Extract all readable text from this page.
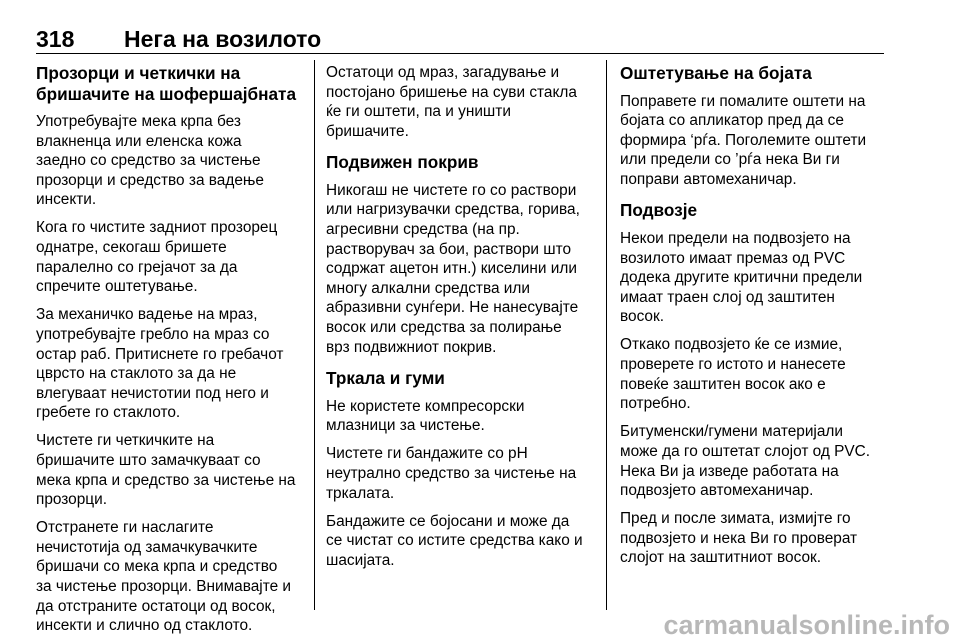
318 Нега на возилото
Прозорци и четкички на
бришачите на шофершајбната

Употребувајте мека крпа без
влакненца или еленска кожа
заедно со средство за чистење
прозорци и средство за вадење
инсекти.

Кога го чистите задниот прозорец
однатре, секогаш бришете
паралелно со грејачот за да
спречите оштетување.

За механичко вадење на мраз,
употребувајте гребло на мраз со
остар раб. Притиснете го гребачот
цврсто на стаклото за да не
влегуваат нечистотии под него и
гребете го стаклото.

Чистете ги четкичките на
бришачите што замачкуваат со
мека крпа и средство за чистење на
прозорци.

Отстранете ги наслагите
нечистотија од замачкувачките
бришачи со мека крпа и средство
за чистење прозорци. Внимавајте и
да отстраните остатоци од восок,
инсекти и слично од стаклото.

Остатоци од мраз, загадување и
постојано бришење на суви стакла
ќе ги оштети, па и уништи
бришачите.

Подвижен покрив

Никогаш не чистете го со раствори
или нагризувачки средства, горива,
агресивни средства (на пр.
растворувач за бои, раствори што
содржат ацетон итн.) киселини или
многу алкални средства или
абразивни сунѓери. Не нанесувајте
восок или средства за полирање
врз подвижниот покрив.

Тркала и гуми

Не користете компресорски
млазници за чистење.

Чистете ги бандажите со pH
неутрално средство за чистење на
тркалата.

Бандажите се бојосани и може да
се чистат со истите средства како и
шасијата.

Оштетување на бојата

Поправете ги помалите оштети на
бојата со апликатор пред да се
формира ‘рѓа. Поголемите оштети
или предели со ’рѓа нека Ви ги
поправи автомеханичар.

Подвозје

Некои предели на подвозјето на
возилото имаат премаз од PVC
додека другите критични предели
имаат траен слој од заштитен
восок.

Откако подвозјето ќе се измие,
проверете го истото и нанесете
повеќе заштитен восок ако е
потребно.

Битуменски/гумени материјали
може да го оштетат слојот од PVC.
Нека Ви ја изведе работата на
подвозјето автомеханичар.

Пред и после зимата, измијте го
подвозјето и нека Ви го проверат
слојот на заштитниот восок.

carmanualsonline.info
